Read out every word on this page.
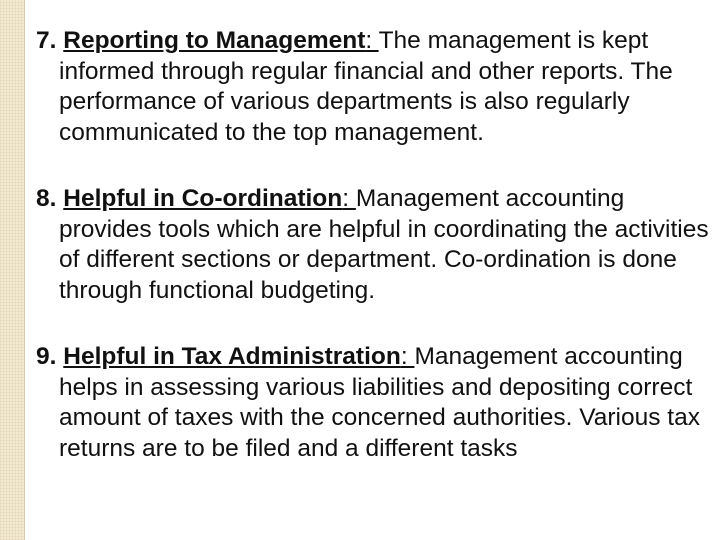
7. Reporting to Management: The management is kept informed through regular financial and other reports. The performance of various departments is also regularly communicated to the top management.

8. Helpful in Co-ordination: Management accounting provides tools which are helpful in coordinating the activities of different sections or department. Co-ordination is done through functional budgeting.

9. Helpful in Tax Administration: Management accounting helps in assessing various liabilities and depositing correct amount of taxes with the concerned authorities. Various tax returns are to be filed and a different tasks
